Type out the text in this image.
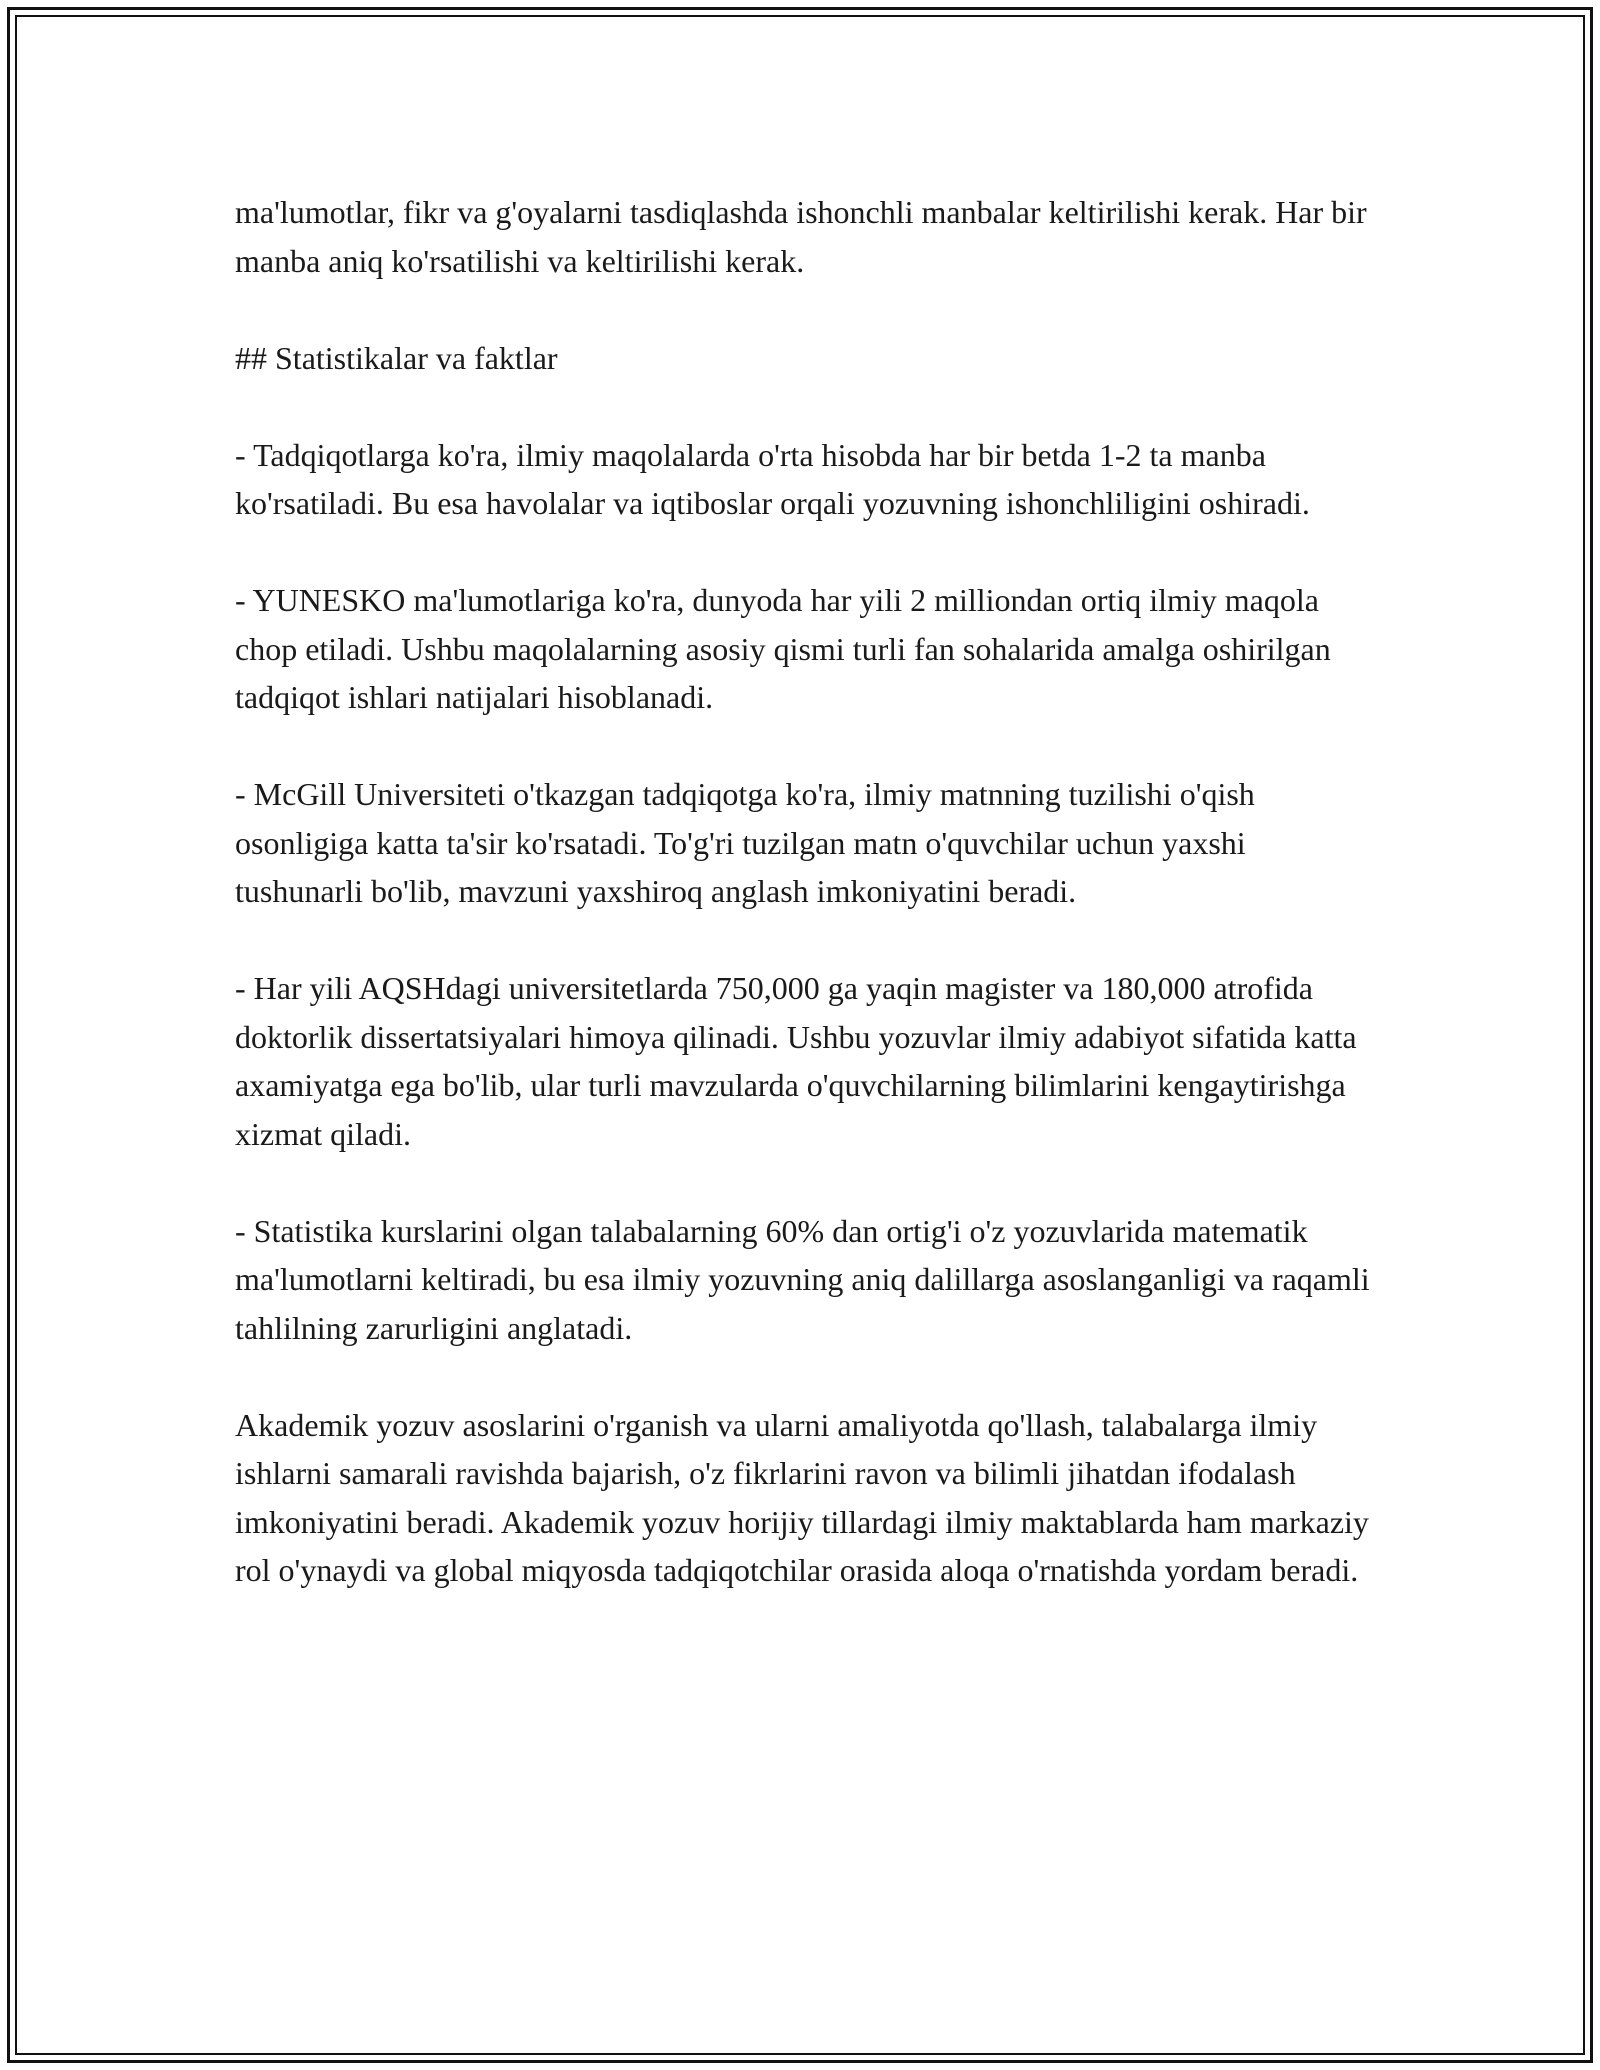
ma'lumotlar, fikr va g'oyalarni tasdiqlashda ishonchli manbalar keltirilishi kerak. Har bir manba aniq ko'rsatilishi va keltirilishi kerak.

## Statistikalar va faktlar

- Tadqiqotlarga ko'ra, ilmiy maqolalarda o'rta hisobda har bir betda 1-2 ta manba ko'rsatiladi. Bu esa havolalar va iqtiboslar orqali yozuvning ishonchliligini oshiradi.

- YUNESKO ma'lumotlariga ko'ra, dunyoda har yili 2 milliondan ortiq ilmiy maqola chop etiladi. Ushbu maqolalarning asosiy qismi turli fan sohalarida amalga oshirilgan tadqiqot ishlari natijalari hisoblanadi.

- McGill Universiteti o'tkazgan tadqiqotga ko'ra, ilmiy matnning tuzilishi o'qish osonligiga katta ta'sir ko'rsatadi. To'g'ri tuzilgan matn o'quvchilar uchun yaxshi tushunarli bo'lib, mavzuni yaxshiroq anglash imkoniyatini beradi.

- Har yili AQSHdagi universitetlarda 750,000 ga yaqin magister va 180,000 atrofida doktorlik dissertatsiyalari himoya qilinadi. Ushbu yozuvlar ilmiy adabiyot sifatida katta axamiyatga ega bo'lib, ular turli mavzularda o'quvchilarning bilimlarini kengaytirishga xizmat qiladi.

- Statistika kurslarini olgan talabalarning 60% dan ortig'i o'z yozuvlarida matematik ma'lumotlarni keltiradi, bu esa ilmiy yozuvning aniq dalillarga asoslanganligi va raqamli tahlilning zarurligini anglatadi.

Akademik yozuv asoslarini o'rganish va ularni amaliyotda qo'llash, talabalarga ilmiy ishlarni samarali ravishda bajarish, o'z fikrlarini ravon va bilimli jihatdan ifodalash imkoniyatini beradi. Akademik yozuv horijiy tillardagi ilmiy maktablarda ham markaziy rol o'ynaydi va global miqyosda tadqiqotchilar orasida aloqa o'rnatishda yordam beradi.
